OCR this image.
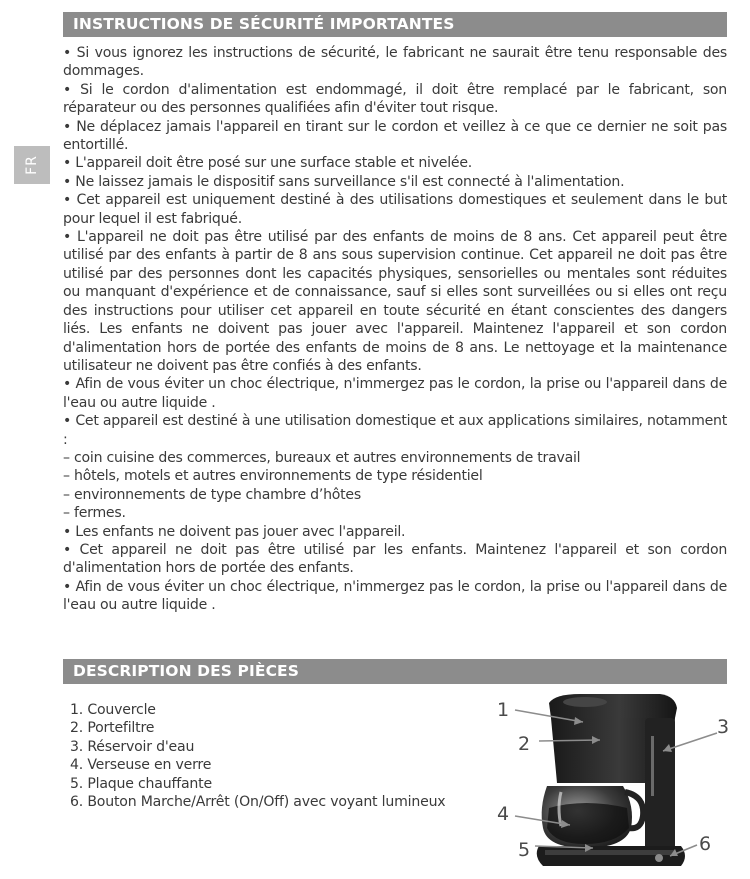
INSTRUCTIONS DE SÉCURITÉ IMPORTANTES
FR

• Si vous ignorez les instructions de sécurité, le fabricant ne saurait être tenu responsable des dommages.

• Si le cordon d'alimentation est endommagé, il doit être remplacé par le fabricant, son réparateur ou des personnes qualifiées afin d'éviter tout risque.

• Ne déplacez jamais l'appareil en tirant sur le cordon et veillez à ce que ce dernier ne soit pas entortillé.

• L'appareil doit être posé sur une surface stable et nivelée.

• Ne laissez jamais le dispositif sans surveillance s'il est connecté à l'alimentation.

• Cet appareil est uniquement destiné à des utilisations domestiques et seulement dans le but pour lequel il est fabriqué.

• L'appareil ne doit pas être utilisé par des enfants de moins de 8 ans. Cet appareil peut être utilisé par des enfants à partir de 8 ans sous supervision continue. Cet appareil ne doit pas être utilisé par des personnes dont les capacités physiques, sensorielles ou mentales sont réduites ou manquant d'expérience et de connaissance, sauf si elles sont surveillées ou si elles ont reçu des instructions pour utiliser cet appareil en toute sécurité en étant conscientes des dangers liés. Les enfants ne doivent pas jouer avec l'appareil. Maintenez l'appareil et son cordon d'alimentation hors de portée des enfants de moins de 8 ans. Le nettoyage et la maintenance utilisateur ne doivent pas être confiés à des enfants.

• Afin de vous éviter un choc électrique, n'immergez pas le cordon, la prise ou l'appareil dans de l'eau ou autre liquide .

• Cet appareil est destiné à une utilisation domestique et aux applications similaires, notamment :

– coin cuisine des commerces, bureaux et autres environnements de travail

– hôtels, motels et autres environnements de type résidentiel

– environnements de type chambre d’hôtes

– fermes.

• Les enfants ne doivent pas jouer avec l'appareil.

• Cet appareil ne doit pas être utilisé par les enfants. Maintenez l'appareil et son cordon d'alimentation hors de portée des enfants.

• Afin de vous éviter un choc électrique, n'immergez pas le cordon, la prise ou l'appareil dans de l'eau ou autre liquide .

DESCRIPTION DES PIÈCES
1. Couvercle
2. Portefiltre
3. Réservoir d'eau
4. Verseuse en verre
5. Plaque chauffante
6. Bouton Marche/Arrêt (On/Off) avec voyant lumineux
1
2
3
4
5	6
